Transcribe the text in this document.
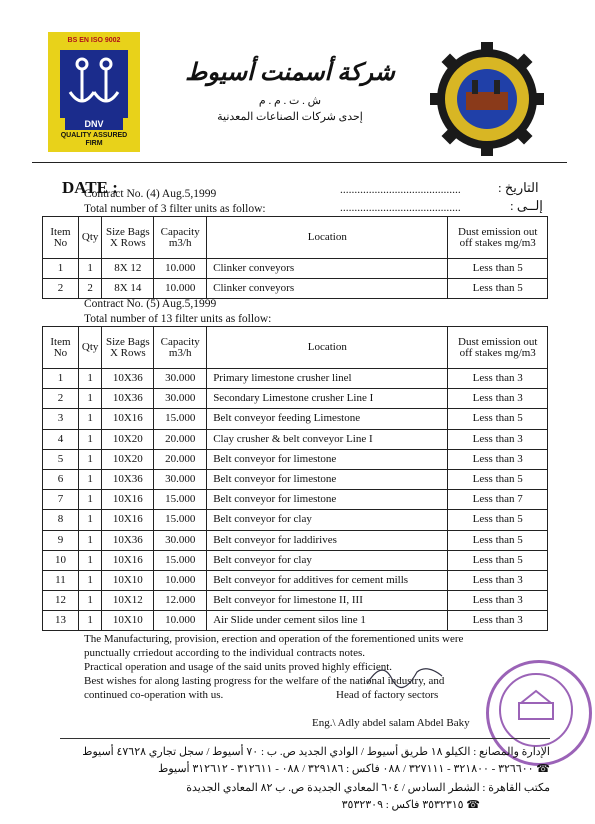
BS EN ISO 9002
DNV
QUALITY ASSURED
FIRM
شركة أسمنت أسيوط
ش . ت . م . م
إحدى شركات الصناعات المعدنية
DATE :	..........................................	التاريخ :
..........................................	إلــى :
Contract No. (4) Aug.5,1999
Total number of 3 filter units as follow:
Item No	Qty	Size Bags X Rows	Capacity m3/h	Location	Dust emission out off stakes mg/m3
1	1	8X 12	10.000	Clinker conveyors	Less than 5
2	2	8X 14	10.000	Clinker conveyors	Less than 5
Contract No. (5) Aug.5,1999
Total number of 13 filter units as follow:
Item No	Qty	Size Bags X Rows	Capacity m3/h	Location	Dust emission out off stakes mg/m3
1	1	10X36	30.000	Primary limestone crusher linel	Less than 3
2	1	10X36	30.000	Secondary Limestone crusher Line I	Less than 3
3	1	10X16	15.000	Belt conveyor feeding Limestone	Less than 5
4	1	10X20	20.000	Clay crusher & belt conveyor Line I	Less than 3
5	1	10X20	20.000	Belt conveyor for limestone	Less than 3
6	1	10X36	30.000	Belt conveyor for limestone	Less than 5
7	1	10X16	15.000	Belt conveyor for limestone	Less than 7
8	1	10X16	15.000	Belt conveyor for clay	Less than 5
9	1	10X36	30.000	Belt conveyor for laddirives	Less than 5
10	1	10X16	15.000	Belt conveyor for clay	Less than 5
11	1	10X10	10.000	Belt conveyor for additives for cement mills	Less than 3
12	1	10X12	12.000	Belt conveyor for limestone II, III	Less than 3
13	1	10X10	10.000	Air Slide under cement silos line 1	Less than 3
The Manufacturing, provision, erection and operation of the forementioned units were
punctually crriedout according to the individual contracts notes.
Practical operation and usage of the said units proved highly efficient.
Best wishes for along lasting progress for the welfare of the national industry, and
continued co-operation with us.	Head of factory sectors
Eng.\ Adly abdel salam Abdel Baky
الإدارة والمصانع : الكيلو ١٨ طريق أسيوط / الوادي الجديد ص. ب : ٧٠ أسيوط / سجل تجاري ٤٧٦٢٨ أسيوط
☎ ٣٢٦٦٠٠ - ٣٢١٨٠٠ - ٣٢٧١١١ / ٠٨٨ فاكس : ٣٢٩١٨٦ / ٠٨٨ - ٣١٢٦١١ - ٣١٢٦١٢ أسيوط
مكتب القاهرة : الشطر السادس / ٦٠٤ المعادي الجديدة ص. ب ٨٢ المعادي الجديدة
☎ ٣٥٣٢٣١٥ فاكس : ٣٥٣٢٣٠٩
